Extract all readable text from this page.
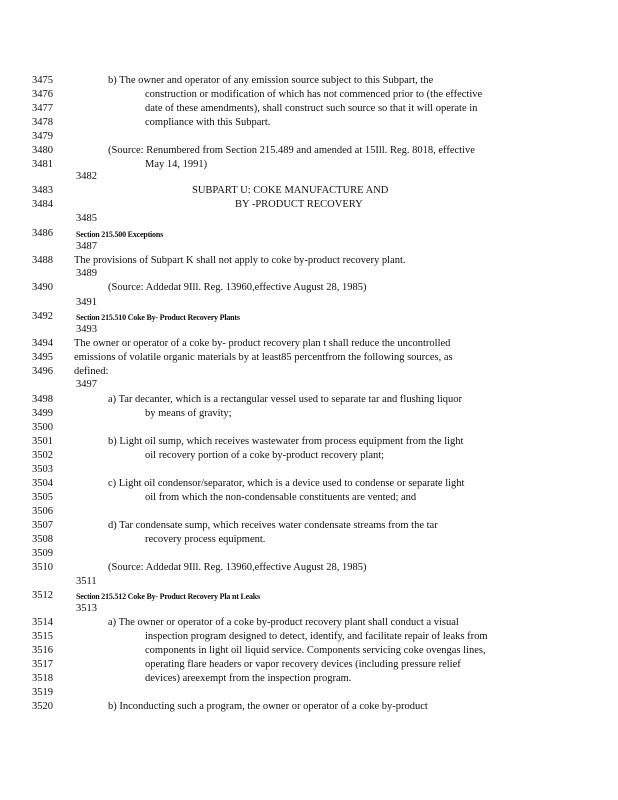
3475	b) The owner and operator of any emission source subject to this Subpart, the
3476	construction or modification of which has not commenced prior to (the effective
3477	date of these amendments), shall construct such source so that it will operate in
3478	compliance with this Subpart.
3479
3480	(Source: Renumbered from Section 215.489 and amended at 15Ill. Reg. 8018, effective
3481	May 14, 1991)
3482
3483	SUBPART U: COKE MANUFACTURE AND
3484	BY -PRODUCT RECOVERY
3485
3486	Section 215.500 Exceptions
3487
3488 The provisions of Subpart K shall not apply to coke by-product recovery plant.
3489
3490	(Source: Addedat 9Ill. Reg. 13960,effective August 28, 1985)
3491
3492	Section 215.510 Coke By- Product Recovery Plants
3493
3494 The owner or operator of a coke by- product recovery plan t shall reduce the uncontrolled
3495 emissions of volatile organic materials by at least85 percentfrom the following sources, as
3496 defined:
3497
3498	a) Tar decanter, which is a rectangular vessel used to separate tar and flushing liquor
3499	by means of gravity;
3500
3501	b) Light oil sump, which receives wastewater from process equipment from the light
3502	oil recovery portion of a coke by-product recovery plant;
3503
3504	c) Light oil condensor/separator, which is a device used to condense or separate light
3505	oil from which the non-condensable constituents are vented; and
3506
3507	d) Tar condensate sump, which receives water condensate streams from the tar
3508	recovery process equipment.
3509
3510	(Source: Addedat 9Ill. Reg. 13960,effective August 28, 1985)
3511
3512	Section 215.512 Coke By- Product Recovery Pla nt Leaks
3513
3514	a) The owner or operator of a coke by-product recovery plant shall conduct a visual
3515	inspection program designed to detect, identify, and facilitate repair of leaks from
3516	components in light oil liquid service. Components servicing coke ovengas lines,
3517	operating flare headers or vapor recovery devices (including pressure relief
3518	devices) areexempt from the inspection program.
3519
3520	b) Inconducting such a program, the owner or operator of a coke by-product
